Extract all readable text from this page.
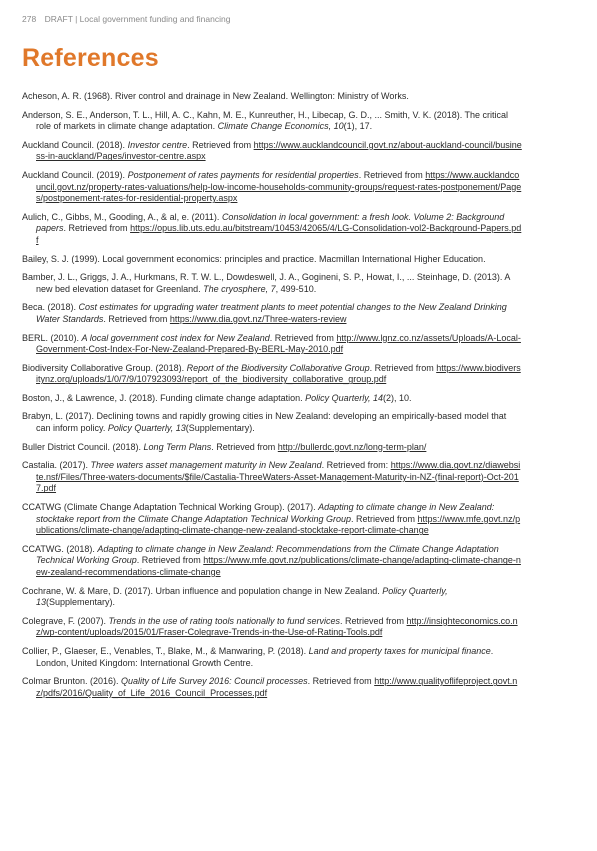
278 DRAFT | Local government funding and financing
References
Acheson, A. R. (1968). River control and drainage in New Zealand. Wellington: Ministry of Works.
Anderson, S. E., Anderson, T. L., Hill, A. C., Kahn, M. E., Kunreuther, H., Libecap, G. D., ... Smith, V. K. (2018). The critical role of markets in climate change adaptation. Climate Change Economics, 10(1), 17.
Auckland Council. (2018). Investor centre. Retrieved from https://www.aucklandcouncil.govt.nz/about-auckland-council/business-in-auckland/Pages/investor-centre.aspx
Auckland Council. (2019). Postponement of rates payments for residential properties. Retrieved from https://www.aucklandcouncil.govt.nz/property-rates-valuations/help-low-income-households-community-groups/request-rates-postponement/Pages/postponement-rates-for-residential-property.aspx
Aulich, C., Gibbs, M., Gooding, A., & al, e. (2011). Consolidation in local government: a fresh look. Volume 2: Background papers. Retrieved from https://opus.lib.uts.edu.au/bitstream/10453/42065/4/LG-Consolidation-vol2-Background-Papers.pdf
Bailey, S. J. (1999). Local government economics: principles and practice. Macmillan International Higher Education.
Bamber, J. L., Griggs, J. A., Hurkmans, R. T. W. L., Dowdeswell, J. A., Gogineni, S. P., Howat, I., ... Steinhage, D. (2013). A new bed elevation dataset for Greenland. The cryosphere, 7, 499-510.
Beca. (2018). Cost estimates for upgrading water treatment plants to meet potential changes to the New Zealand Drinking Water Standards. Retrieved from https://www.dia.govt.nz/Three-waters-review
BERL. (2010). A local government cost index for New Zealand. Retrieved from http://www.lgnz.co.nz/assets/Uploads/A-Local-Government-Cost-Index-For-New-Zealand-Prepared-By-BERL-May-2010.pdf
Biodiversity Collaborative Group. (2018). Report of the Biodiversity Collaborative Group. Retrieved from https://www.biodiversitynz.org/uploads/1/0/7/9/107923093/report_of_the_biodiversity_collaborative_group.pdf
Boston, J., & Lawrence, J. (2018). Funding climate change adaptation. Policy Quarterly, 14(2), 10.
Brabyn, L. (2017). Declining towns and rapidly growing cities in New Zealand: developing an empirically-based model that can inform policy. Policy Quarterly, 13(Supplementary).
Buller District Council. (2018). Long Term Plans. Retrieved from http://bullerdc.govt.nz/long-term-plan/
Castalia. (2017). Three waters asset management maturity in New Zealand. Retrieved from: https://www.dia.govt.nz/diawebsite.nsf/Files/Three-waters-documents/$file/Castalia-ThreeWaters-Asset-Management-Maturity-in-NZ-(final-report)-Oct-2017.pdf
CCATWG (Climate Change Adaptation Technical Working Group). (2017). Adapting to climate change in New Zealand: stocktake report from the Climate Change Adaptation Technical Working Group. Retrieved from https://www.mfe.govt.nz/publications/climate-change/adapting-climate-change-new-zealand-stocktake-report-climate-change
CCATWG. (2018). Adapting to climate change in New Zealand: Recommendations from the Climate Change Adaptation Technical Working Group. Retrieved from https://www.mfe.govt.nz/publications/climate-change/adapting-climate-change-new-zealand-recommendations-climate-change
Cochrane, W. & Mare, D. (2017). Urban influence and population change in New Zealand. Policy Quarterly, 13(Supplementary).
Colegrave, F. (2007). Trends in the use of rating tools nationally to fund services. Retrieved from http://insighteconomics.co.nz/wp-content/uploads/2015/01/Fraser-Colegrave-Trends-in-the-Use-of-Rating-Tools.pdf
Collier, P., Glaeser, E., Venables, T., Blake, M., & Manwaring, P. (2018). Land and property taxes for municipal finance. London, United Kingdom: International Growth Centre.
Colmar Brunton. (2016). Quality of Life Survey 2016: Council processes. Retrieved from http://www.qualityoflifeproject.govt.nz/pdfs/2016/Quality_of_Life_2016_Council_Processes.pdf
